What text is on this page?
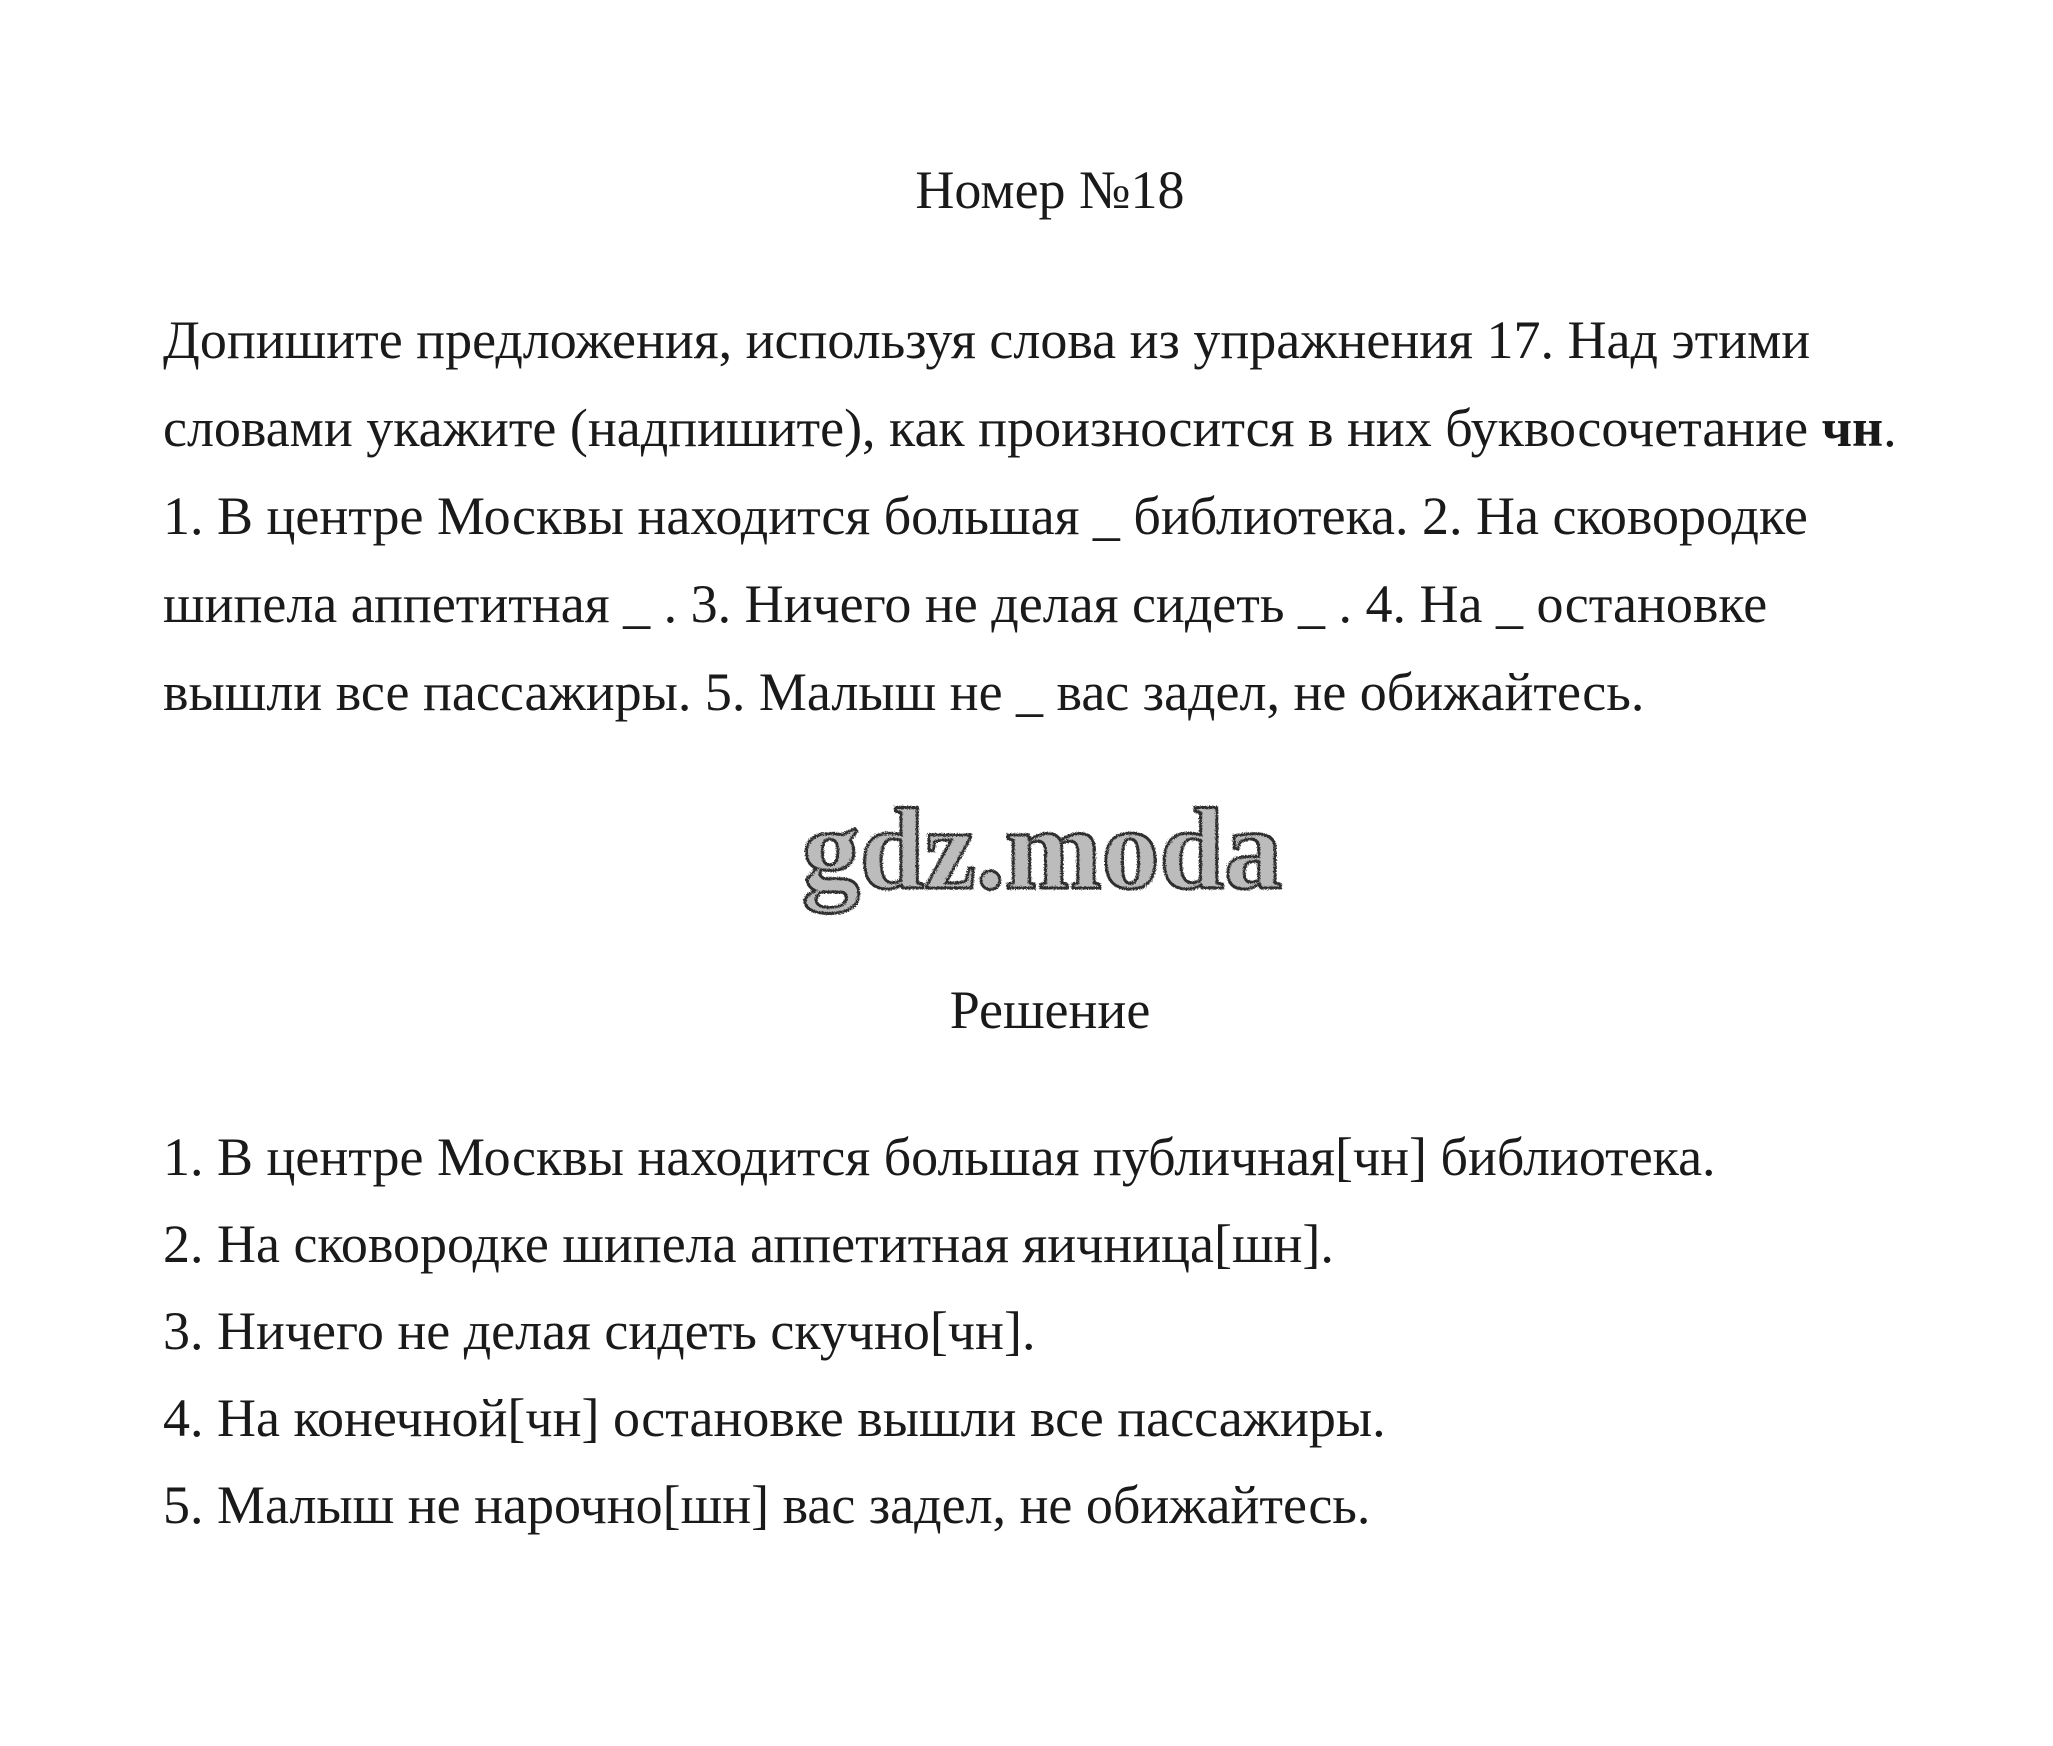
Номер №18

Допишите предложения, используя слова из упражнения 17. Над этими словами укажите (надпишите), как произносится в них буквосочетание чн.

1. В центре Москвы находится большая _ библиотека. 2. На сковородке шипела аппетитная _ . 3. Ничего не делая сидеть _ . 4. На _ остановке вышли все пассажиры. 5. Малыш не _ вас задел, не обижайтесь.

gdz.moda
Решение
1. В центре Москвы находится большая публичная[чн] библиотека.
2. На сковородке шипела аппетитная яичница[шн].
3. Ничего не делая сидеть скучно[чн].
4. На конечной[чн] остановке вышли все пассажиры.
5. Малыш не нарочно[шн] вас задел, не обижайтесь.
